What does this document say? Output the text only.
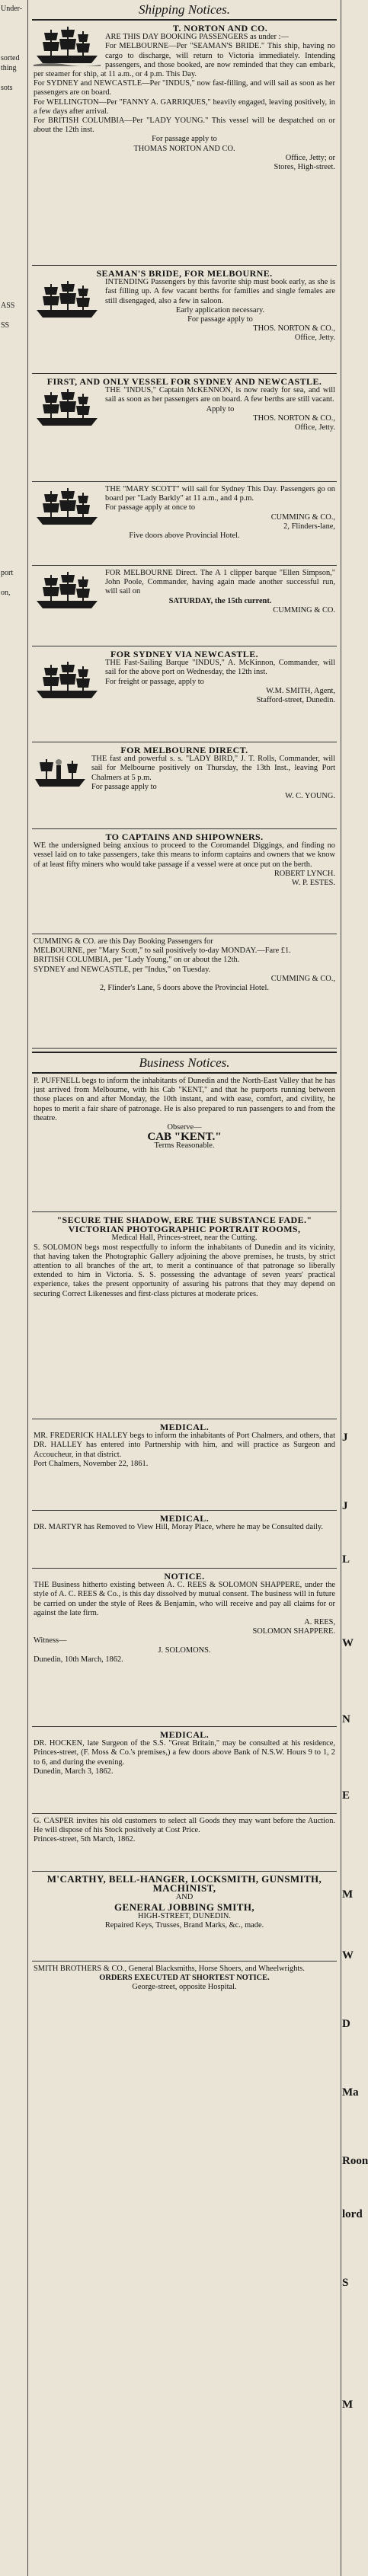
Under-
sorted
thing
sots
ASS
SS
port
on,
J
J
L
W
N
E
M
W
D
Ma
Roon
lord
S
M
Shipping Notices.

T. NORTON AND CO.

ARE THIS DAY BOOKING PASSENGERS as under :—

For MELBOURNE—Per "SEAMAN'S BRIDE." This ship, having no cargo to discharge, will return to Victoria immediately. Intending passengers, and those booked, are now reminded that they can embark, per steamer for ship, at 11 a.m., or 4 p.m. This Day.

For SYDNEY and NEWCASTLE—Per "INDUS," now fast-filling, and will sail as soon as her passengers are on board.

For WELLINGTON—Per "FANNY A. GARRIQUES," heavily engaged, leaving positively, in a few days after arrival.

For BRITISH COLUMBIA—Per "LADY YOUNG." This vessel will be despatched on or about the 12th inst.

For passage apply to

THOMAS NORTON AND CO.

Office, Jetty; or

Stores, High-street.

SEAMAN'S BRIDE, FOR MELBOURNE.

INTENDING Passengers by this favorite ship must book early, as she is fast filling up. A few vacant berths for families and single females are still disengaged, also a few in saloon.

Early application necessary.

For passage apply to

THOS. NORTON & CO.,

Office, Jetty.

FIRST, AND ONLY VESSEL FOR SYDNEY AND NEWCASTLE.

THE "INDUS," Captain McKENNON, is now ready for sea, and will sail as soon as her passengers are on board. A few berths are still vacant.

Apply to

THOS. NORTON & CO.,

Office, Jetty.

THE "MARY SCOTT" will sail for Sydney This Day. Passengers go on board per "Lady Barkly" at 11 a.m., and 4 p.m.

For passage apply at once to

CUMMING & CO.,

2, Flinders-lane,

Five doors above Provincial Hotel.

FOR MELBOURNE Direct. The A 1 clipper barque "Ellen Simpson," John Poole, Commander, having again made another successful run, will sail on

SATURDAY, the 15th current.

CUMMING & CO.

FOR SYDNEY VIA NEWCASTLE.

THE Fast-Sailing Barque "INDUS," A. McKinnon, Commander, will sail for the above port on Wednesday, the 12th inst.

For freight or passage, apply to

W.M. SMITH, Agent,

Stafford-street, Dunedin.

FOR MELBOURNE DIRECT.

THE fast and powerful s. s. "LADY BIRD," J. T. Rolls, Commander, will sail for Melbourne positively on Thursday, the 13th Inst., leaving Port Chalmers at 5 p.m.

For passage apply to

W. C. YOUNG.

TO CAPTAINS AND SHIPOWNERS.

WE the undersigned being anxious to proceed to the Coromandel Diggings, and finding no vessel laid on to take passengers, take this means to inform captains and owners that we know of at least fifty miners who would take passage if a vessel were at once put on the berth.

ROBERT LYNCH.

W. P. ESTES.

CUMMING & CO. are this Day Booking Passengers for

MELBOURNE, per "Mary Scott," to sail positively to-day MONDAY.—Fare £1.

BRITISH COLUMBIA, per "Lady Young," on or about the 12th.

SYDNEY and NEWCASTLE, per "Indus," on Tuesday.

CUMMING & CO.,

2, Flinder's Lane, 5 doors above the Provincial Hotel.

Business Notices.

P. PUFFNELL begs to inform the inhabitants of Dunedin and the North-East Valley that he has just arrived from Melbourne, with his Cab "KENT," and that he purports running between those places on and after Monday, the 10th instant, and with ease, comfort, and civility, he hopes to merit a fair share of patronage. He is also prepared to run passengers to and from the theatre.

Observe—

CAB "KENT."

Terms Reasonable.

"SECURE THE SHADOW, ERE THE SUBSTANCE FADE."

VICTORIAN PHOTOGRAPHIC PORTRAIT ROOMS,

Medical Hall, Princes-street, near the Cutting.

S. SOLOMON begs most respectfully to inform the inhabitants of Dunedin and its vicinity, that having taken the Photographic Gallery adjoining the above premises, he trusts, by strict attention to all branches of the art, to merit a continuance of that patronage so liberally extended to him in Victoria. S. S. possessing the advantage of seven years' practical experience, takes the present opportunity of assuring his patrons that they may depend on securing Correct Likenesses and first-class pictures at moderate prices.

MEDICAL.

MR. FREDERICK HALLEY begs to inform the inhabitants of Port Chalmers, and others, that DR. HALLEY has entered into Partnership with him, and will practice as Surgeon and Accoucheur, in that district.

Port Chalmers, November 22, 1861.

MEDICAL.

DR. MARTYR has Removed to View Hill, Moray Place, where he may be Consulted daily.

NOTICE.

THE Business hitherto existing between A. C. REES & SOLOMON SHAPPERE, under the style of A. C. REES & Co., is this day dissolved by mutual consent. The business will in future be carried on under the style of Rees & Benjamin, who will receive and pay all claims for or against the late firm.

A. REES,

SOLOMON SHAPPERE.

Witness—

J. SOLOMONS.

Dunedin, 10th March, 1862.

MEDICAL.

DR. HOCKEN, late Surgeon of the S.S. "Great Britain," may be consulted at his residence, Princes-street, (F. Moss & Co.'s premises,) a few doors above Bank of N.S.W. Hours 9 to 1, 2 to 6, and during the evening.

Dunedin, March 3, 1862.

G. CASPER invites his old customers to select all Goods they may want before the Auction. He will dispose of his Stock positively at Cost Price.

Princes-street, 5th March, 1862.

M'CARTHY, BELL-HANGER, LOCKSMITH, GUNSMITH, MACHINIST,

AND

GENERAL JOBBING SMITH,

HIGH-STREET, DUNEDIN.

Repaired Keys, Trusses, Brand Marks, &c., made.

SMITH BROTHERS & CO., General Blacksmiths, Horse Shoers, and Wheelwrights.

ORDERS EXECUTED AT SHORTEST NOTICE.

George-street, opposite Hospital.
